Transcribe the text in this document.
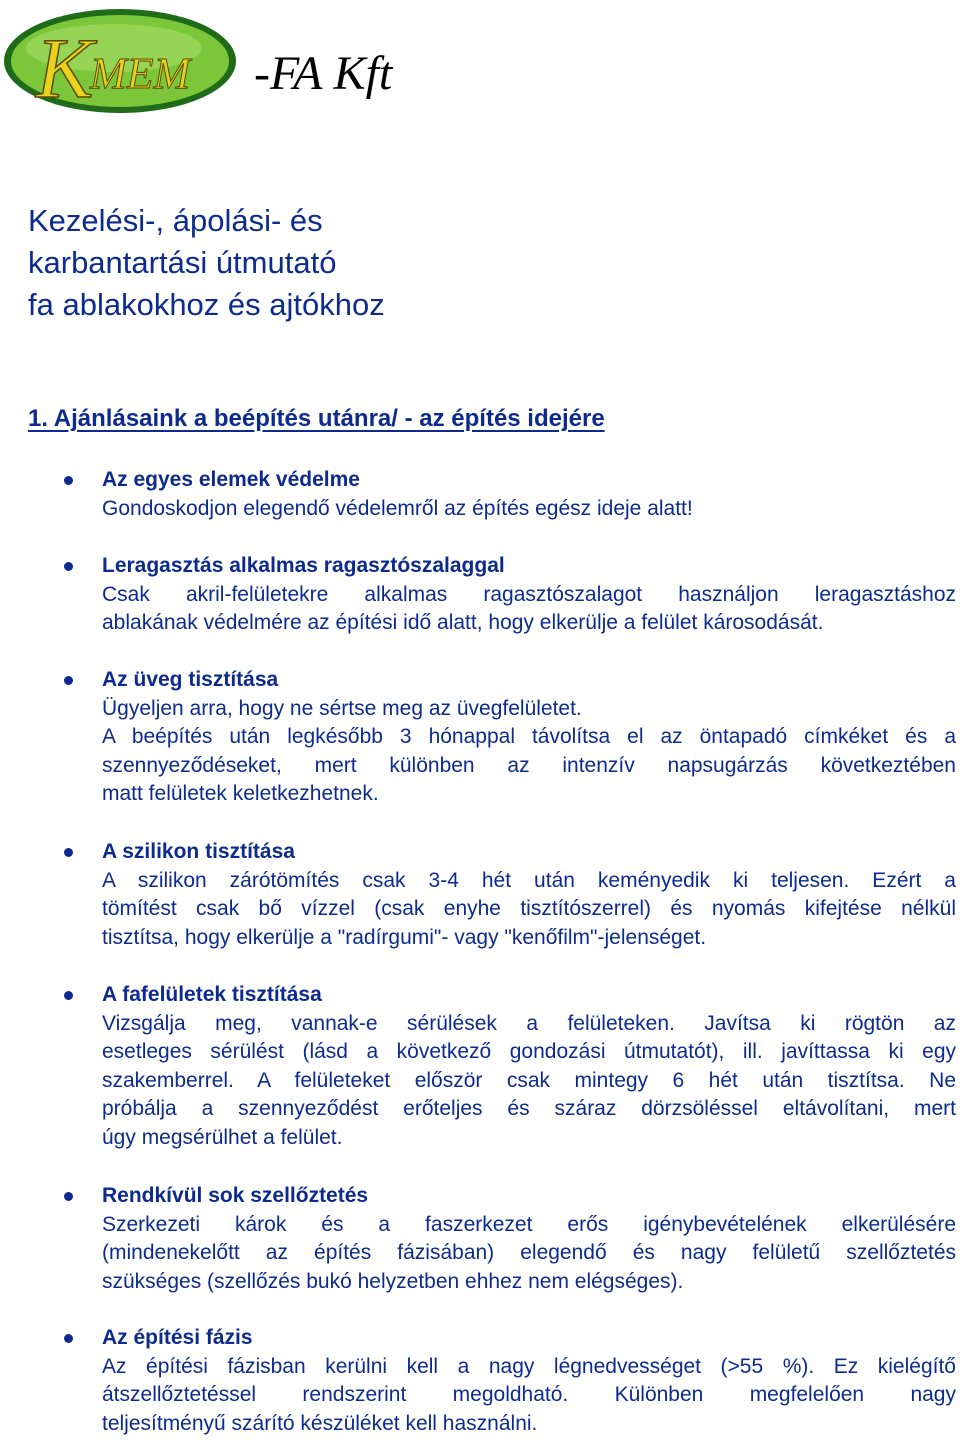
K
MEM -FA Kft
Kezelési-, ápolási- és
karbantartási útmutató
fa ablakokhoz és ajtókhoz
1. Ajánlásaink a beépítés utánra/ - az építés idejére
Az egyes elemek védelme
Gondoskodjon elegendő védelemről az építés egész ideje alatt!
Leragasztás alkalmas ragasztószalaggal
Csak akril-felületekre alkalmas ragasztószalagot használjon leragasztáshoz
ablakának védelmére az építési idő alatt, hogy elkerülje a felület károsodását.
Az üveg tisztítása
Ügyeljen arra, hogy ne sértse meg az üvegfelületet.
A beépítés után legkésőbb 3 hónappal távolítsa el az öntapadó címkéket és a
szennyeződéseket, mert különben az intenzív napsugárzás következtében
matt felületek keletkezhetnek.
A szilikon tisztítása
A szilikon zárótömítés csak 3-4 hét után keményedik ki teljesen. Ezért a
tömítést csak bő vízzel (csak enyhe tisztítószerrel) és nyomás kifejtése nélkül
tisztítsa, hogy elkerülje a "radírgumi"- vagy "kenőfilm"-jelenséget.
A fafelületek tisztítása
Vizsgálja meg, vannak-e sérülések a felületeken. Javítsa ki rögtön az
esetleges sérülést (lásd a következő gondozási útmutatót), ill. javíttassa ki egy
szakemberrel. A felületeket először csak mintegy 6 hét után tisztítsa. Ne
próbálja a szennyeződést erőteljes és száraz dörzsöléssel eltávolítani, mert
úgy megsérülhet a felület.
Rendkívül sok szellőztetés
Szerkezeti károk és a faszerkezet erős igénybevételének elkerülésére
(mindenekelőtt az építés fázisában) elegendő és nagy felületű szellőztetés
szükséges (szellőzés bukó helyzetben ehhez nem elégséges).
Az építési fázis
Az építési fázisban kerülni kell a nagy légnedvességet (>55 %). Ez kielégítő
átszellőztetéssel rendszerint megoldható. Különben megfelelően nagy
teljesítményű szárító készüléket kell használni.
